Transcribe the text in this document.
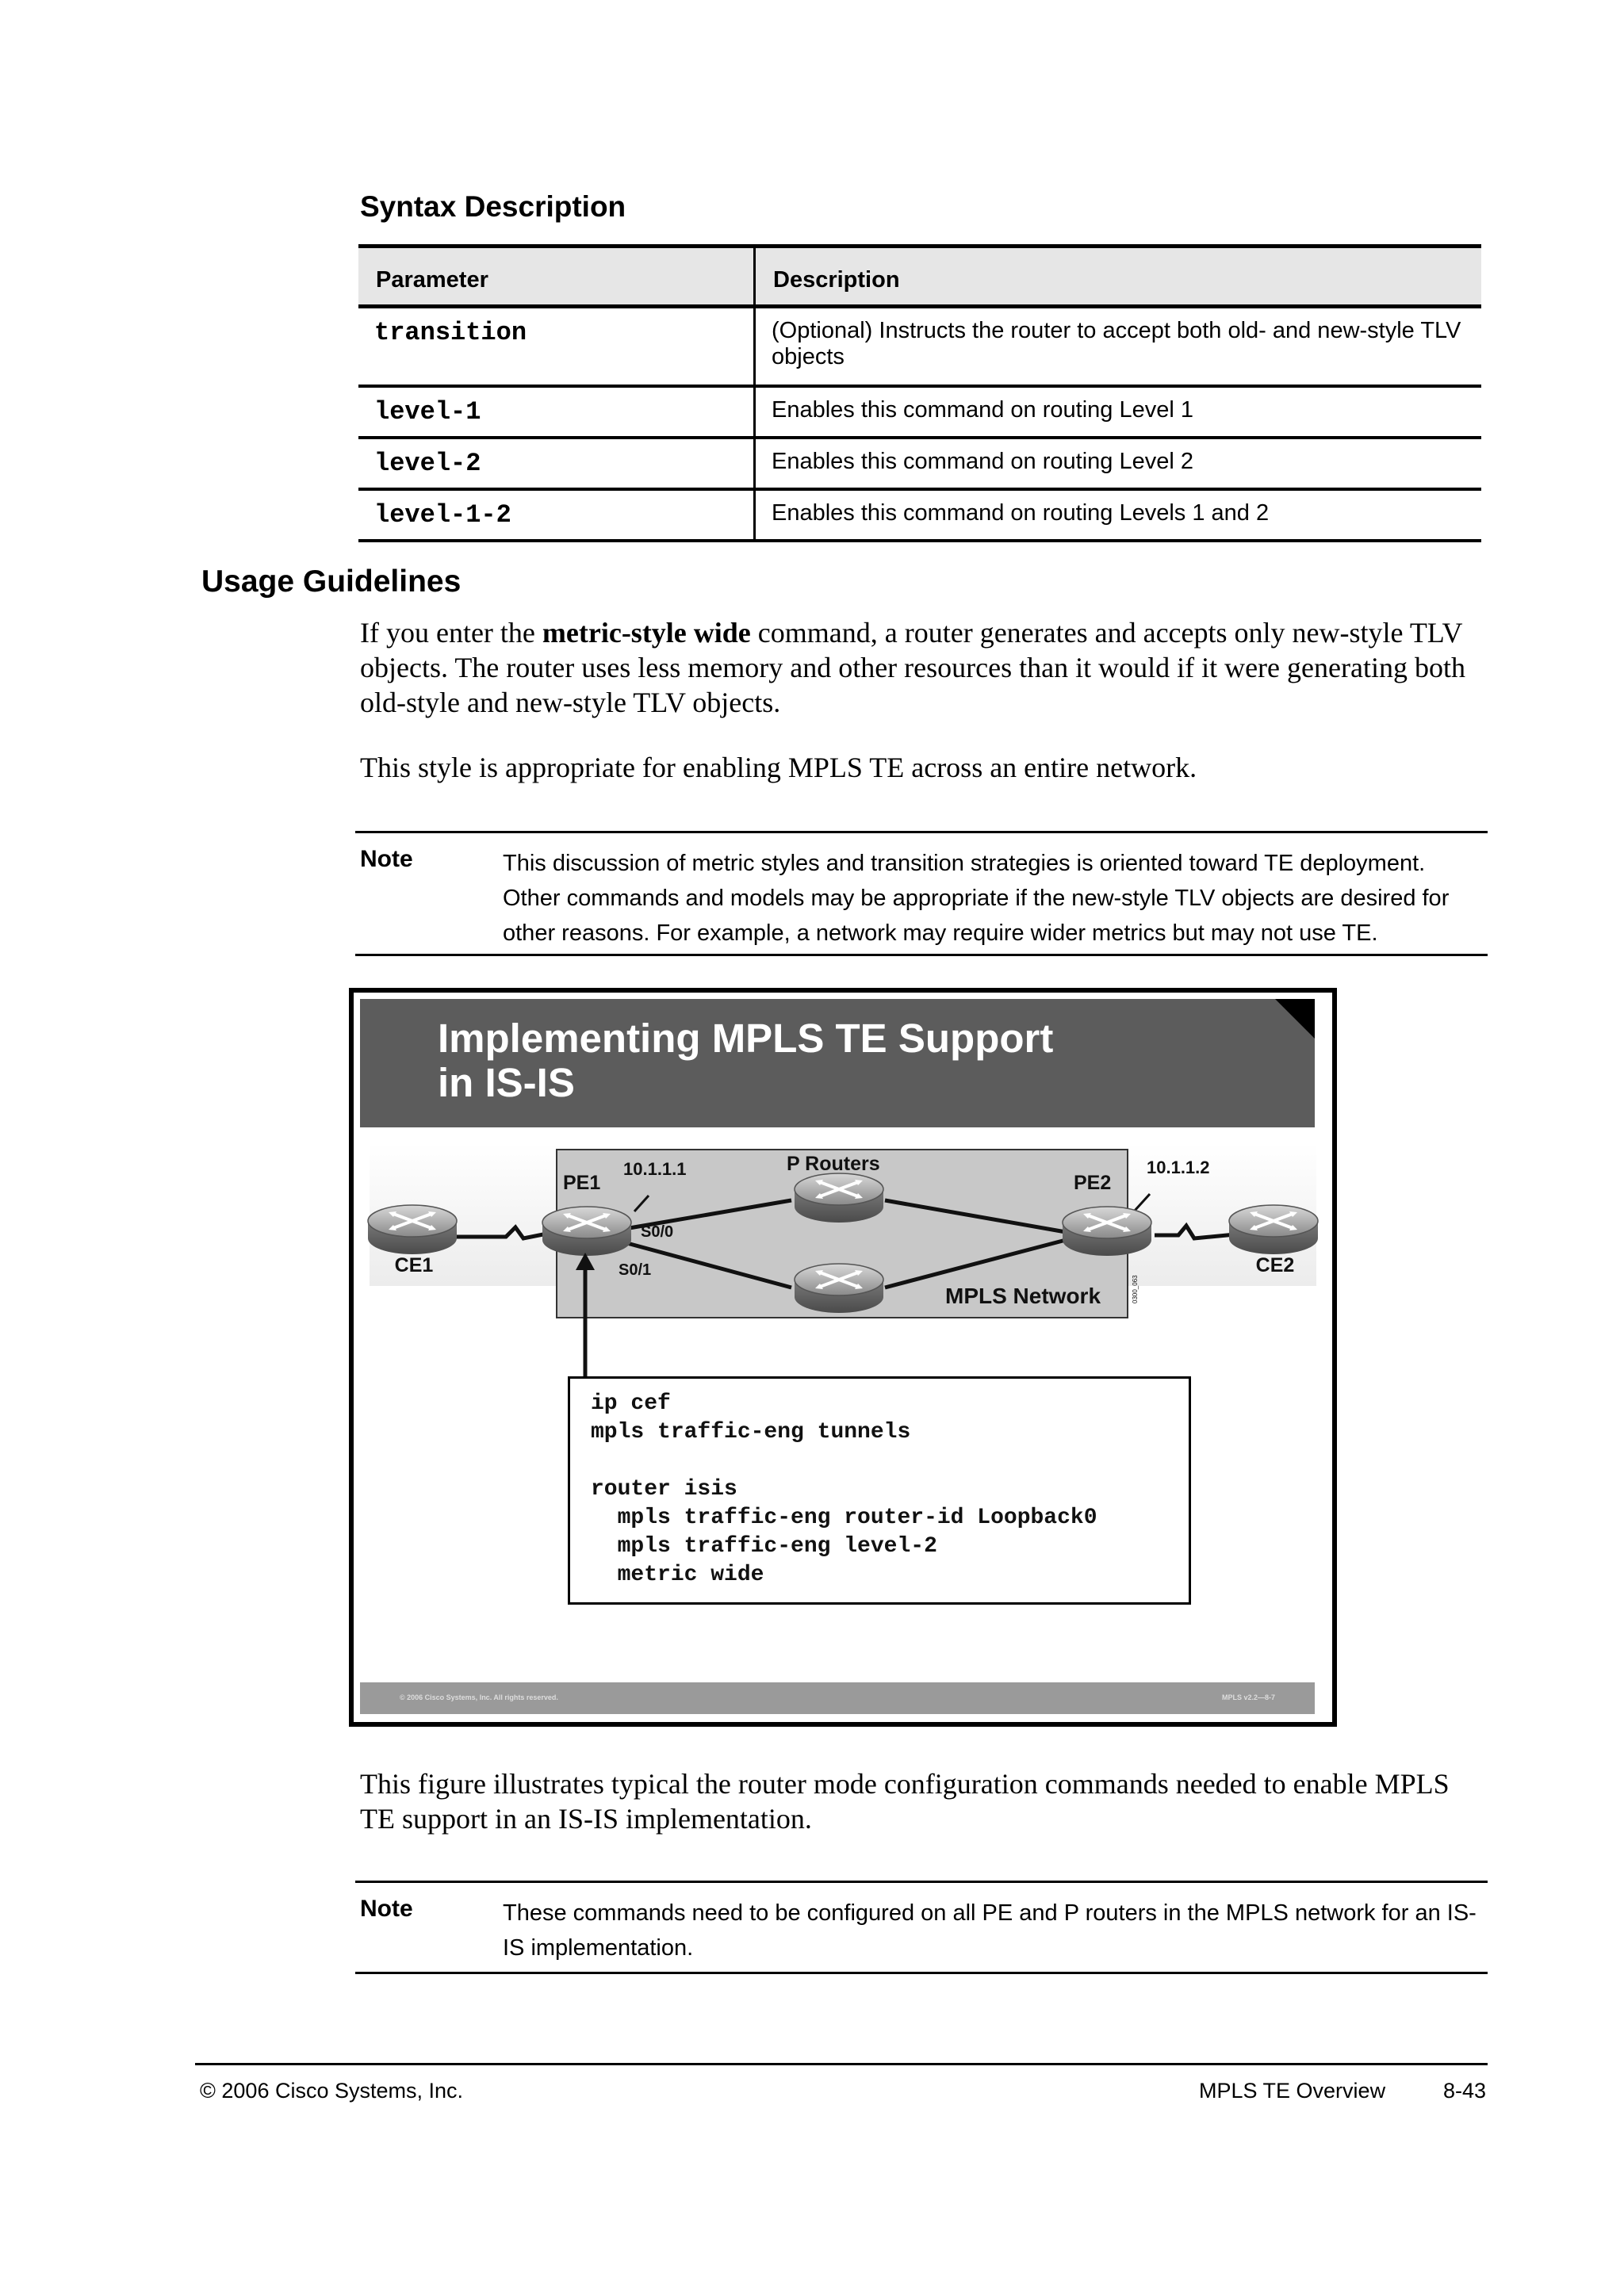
Syntax Description
Parameter	Description
transition	(Optional) Instructs the router to accept both old- and new-style TLV objects
level-1	Enables this command on routing Level 1
level-2	Enables this command on routing Level 2
level-1-2	Enables this command on routing Levels 1 and 2
Usage Guidelines
If you enter the metric-style wide command, a router generates and accepts only new-style TLV objects. The router uses less memory and other resources than it would if it were generating both old-style and new-style TLV objects.
This style is appropriate for enabling MPLS TE across an entire network.
Note	This discussion of metric styles and transition strategies is oriented toward TE deployment. Other commands and models may be appropriate if the new-style TLV objects are desired for other reasons. For example, a network may require wider metrics but may not use TE.
Implementing MPLS TE Support
in IS-IS
CE1	CE2
PE1	PE2
P Routers
10.1.1.1	10.1.1.2
S0/0
S0/1
MPLS Network	0300_063
ip cef
mpls traffic-eng tunnels

router isis
mpls traffic-eng router-id Loopback0
mpls traffic-eng level-2
metric wide
© 2006 Cisco Systems, Inc. All rights reserved.	MPLS v2.2—8-7
This figure illustrates typical the router mode configuration commands needed to enable MPLS TE support in an IS-IS implementation.
Note	These commands need to be configured on all PE and P routers in the MPLS network for an IS-IS implementation.
© 2006 Cisco Systems, Inc.	MPLS TE Overview	8-43
